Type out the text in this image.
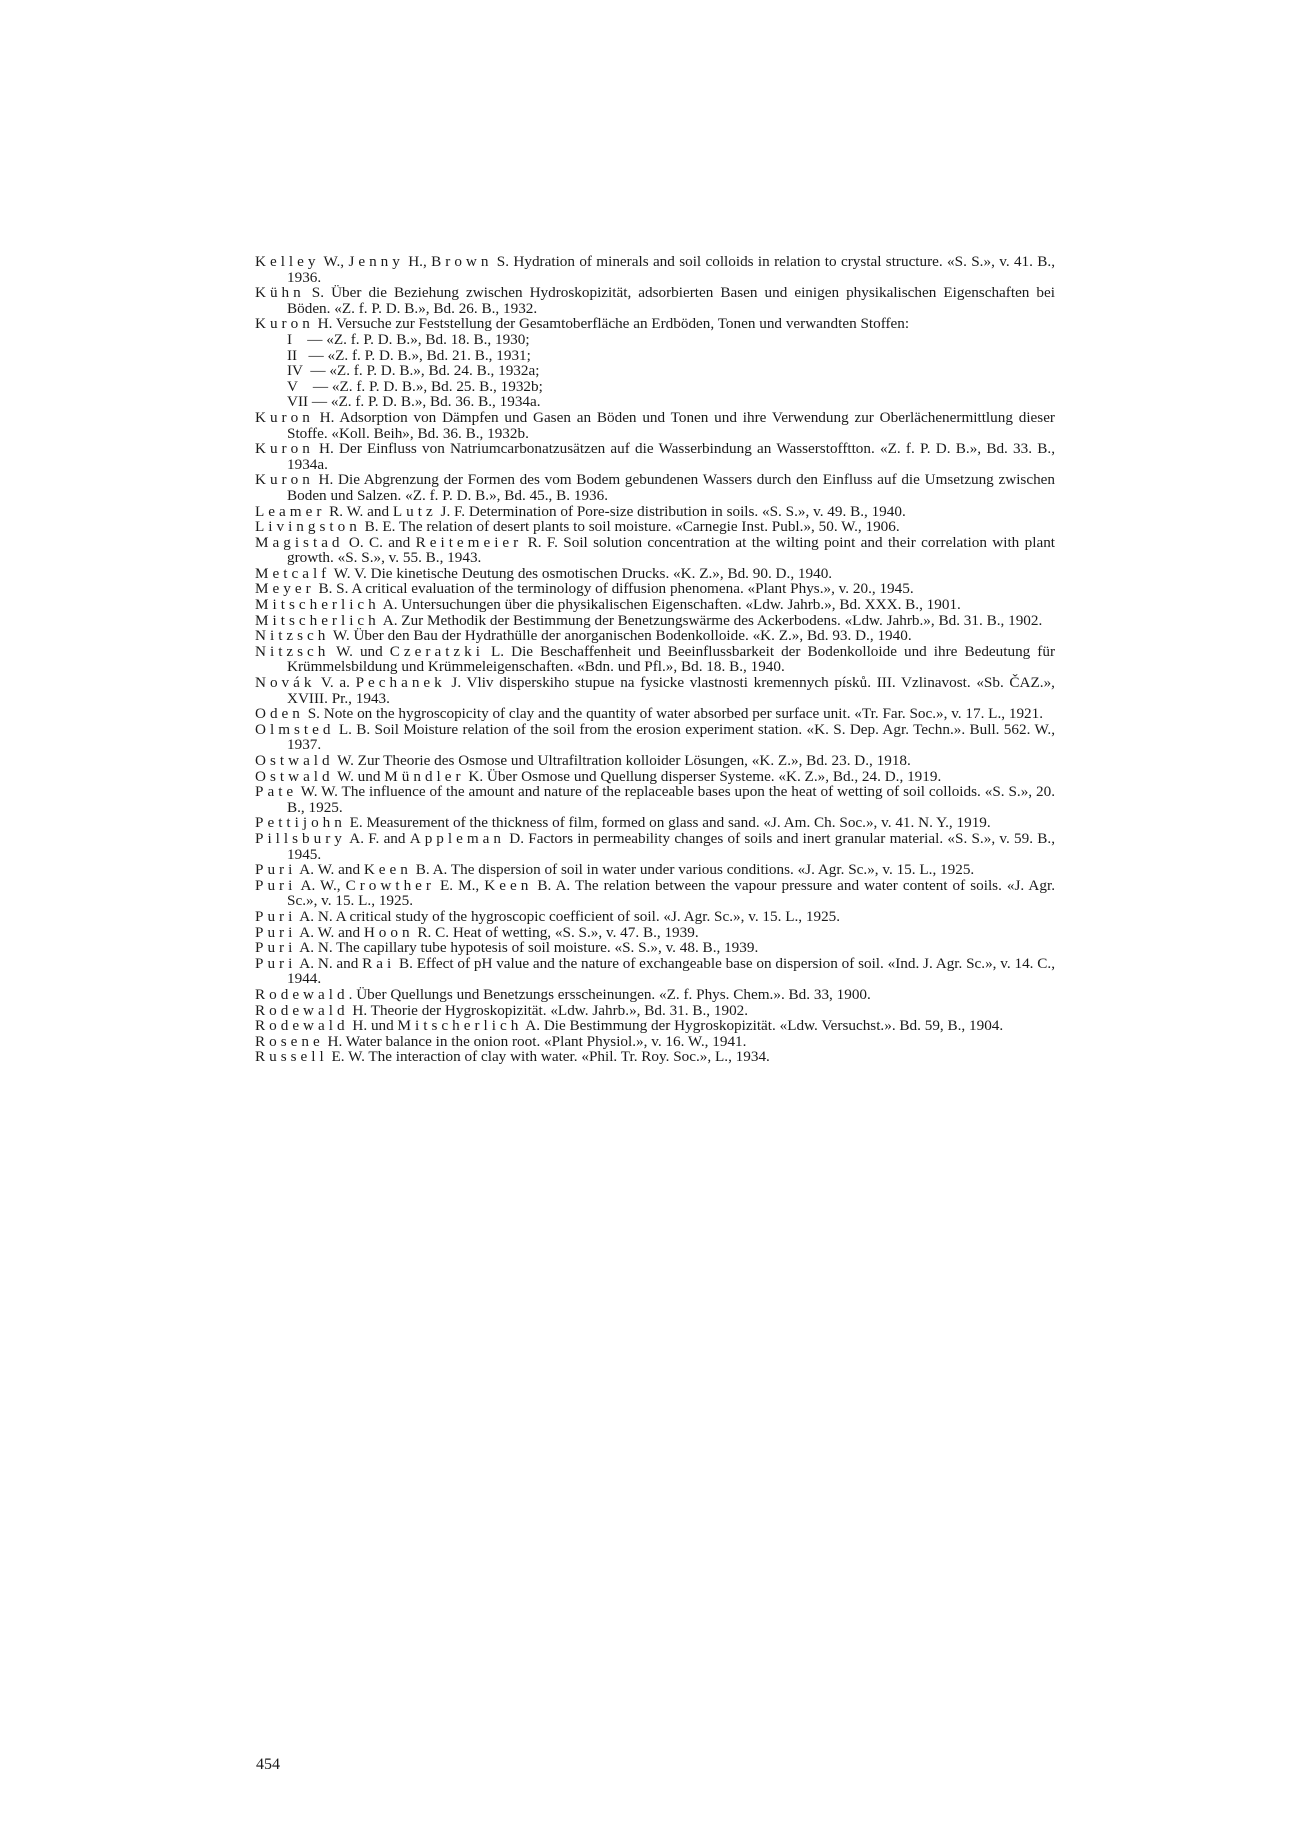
Kelley W., Jenny H., Brown S. Hydration of minerals and soil colloids in relation to crystal structure. «S. S.», v. 41. B., 1936.

Kühn S. Über die Beziehung zwischen Hydroskopizität, adsorbierten Basen und einigen physikalischen Eigenschaften bei Böden. «Z. f. P. D. B.», Bd. 26. B., 1932.

Kuron H. Versuche zur Feststellung der Gesamtoberfläche an Erdböden, Tonen und verwandten Stoffen:

I    — «Z. f. P. D. B.», Bd. 18. B., 1930;

II   — «Z. f. P. D. B.», Bd. 21. B., 1931;

IV  — «Z. f. P. D. B.», Bd. 24. B., 1932a;

V    — «Z. f. P. D. B.», Bd. 25. B., 1932b;

VII — «Z. f. P. D. B.», Bd. 36. B., 1934a.

Kuron H. Adsorption von Dämpfen und Gasen an Böden und Tonen und ihre Verwendung zur Oberlächenermittlung dieser Stoffe. «Koll. Beih», Bd. 36. B., 1932b.

Kuron H. Der Einfluss von Natriumcarbonatzusätzen auf die Wasserbindung an Wasserstofftton. «Z. f. P. D. B.», Bd. 33. B., 1934a.

Kuron H. Die Abgrenzung der Formen des vom Bodem gebundenen Wassers durch den Einfluss auf die Umsetzung zwischen Boden und Salzen. «Z. f. P. D. B.», Bd. 45., B. 1936.

Leamer R. W. and Lutz J. F. Determination of Pore-size distribution in soils. «S. S.», v. 49. B., 1940.

Livingston B. E. The relation of desert plants to soil moisture. «Carnegie Inst. Publ.», 50. W., 1906.

Magistad O. C. and Reitemeier R. F. Soil solution concentration at the wilting point and their correlation with plant growth. «S. S.», v. 55. B., 1943.

Metcalf W. V. Die kinetische Deutung des osmotischen Drucks. «K. Z.», Bd. 90. D., 1940.

Meyer B. S. A critical evaluation of the terminology of diffusion phenomena. «Plant Phys.», v. 20., 1945.

Mitscherlich A. Untersuchungen über die physikalischen Eigenschaften. «Ldw. Jahrb.», Bd. XXX. B., 1901.

Mitscherlich A. Zur Methodik der Bestimmung der Benetzungswärme des Ackerbodens. «Ldw. Jahrb.», Bd. 31. B., 1902.

Nitzsch W. Über den Bau der Hydrathülle der anorganischen Bodenkolloide. «K. Z.», Bd. 93. D., 1940.

Nitzsch W. und Czeratzki L. Die Beschaffenheit und Beeinflussbarkeit der Bodenkolloide und ihre Bedeutung für Krümmelsbildung und Krümmeleigenschaften. «Bdn. und Pfl.», Bd. 18. B., 1940.

Novák V. a. Pechanek J. Vliv disperskiho stupue na fysicke vlastnosti kremennych písků. III. Vzlinavost. «Sb. ČAZ.», XVIII. Pr., 1943.

Oden S. Note on the hygroscopicity of clay and the quantity of water absorbed per surface unit. «Tr. Far. Soc.», v. 17. L., 1921.

Olmsted L. B. Soil Moisture relation of the soil from the erosion experiment station. «K. S. Dep. Agr. Techn.». Bull. 562. W., 1937.

Ostwald W. Zur Theorie des Osmose und Ultrafiltration kolloider Lösungen, «K. Z.», Bd. 23. D., 1918.

Ostwald W. und Mündler K. Über Osmose und Quellung disperser Systeme. «K. Z.», Bd., 24. D., 1919.

Pate W. W. The influence of the amount and nature of the replaceable bases upon the heat of wetting of soil colloids. «S. S.», 20. B., 1925.

Pettijohn E. Measurement of the thickness of film, formed on glass and sand. «J. Am. Ch. Soc.», v. 41. N. Y., 1919.

Pillsbury A. F. and Appleman D. Factors in permeability changes of soils and inert granular material. «S. S.», v. 59. B., 1945.

Puri A. W. and Keen B. A. The dispersion of soil in water under various conditions. «J. Agr. Sc.», v. 15. L., 1925.

Puri A. W., Crowther E. M., Keen B. A. The relation between the vapour pressure and water content of soils. «J. Agr. Sc.», v. 15. L., 1925.

Puri A. N. A critical study of the hygroscopic coefficient of soil. «J. Agr. Sc.», v. 15. L., 1925.

Puri A. W. and Hoon R. C. Heat of wetting, «S. S.», v. 47. B., 1939.

Puri A. N. The capillary tube hypotesis of soil moisture. «S. S.», v. 48. B., 1939.

Puri A. N. and Rai B. Effect of pH value and the nature of exchangeable base on dispersion of soil. «Ind. J. Agr. Sc.», v. 14. C., 1944.

Rodewald. Über Quellungs und Benetzungs ersscheinungen. «Z. f. Phys. Chem.». Bd. 33, 1900.

Rodewald H. Theorie der Hygroskopizität. «Ldw. Jahrb.», Bd. 31. B., 1902.

Rodewald H. und Mitscherlich A. Die Bestimmung der Hygroskopizität. «Ldw. Versuchst.». Bd. 59, B., 1904.

Rosene H. Water balance in the onion root. «Plant Physiol.», v. 16. W., 1941.

Russell E. W. The interaction of clay with water. «Phil. Tr. Roy. Soc.», L., 1934.

454
